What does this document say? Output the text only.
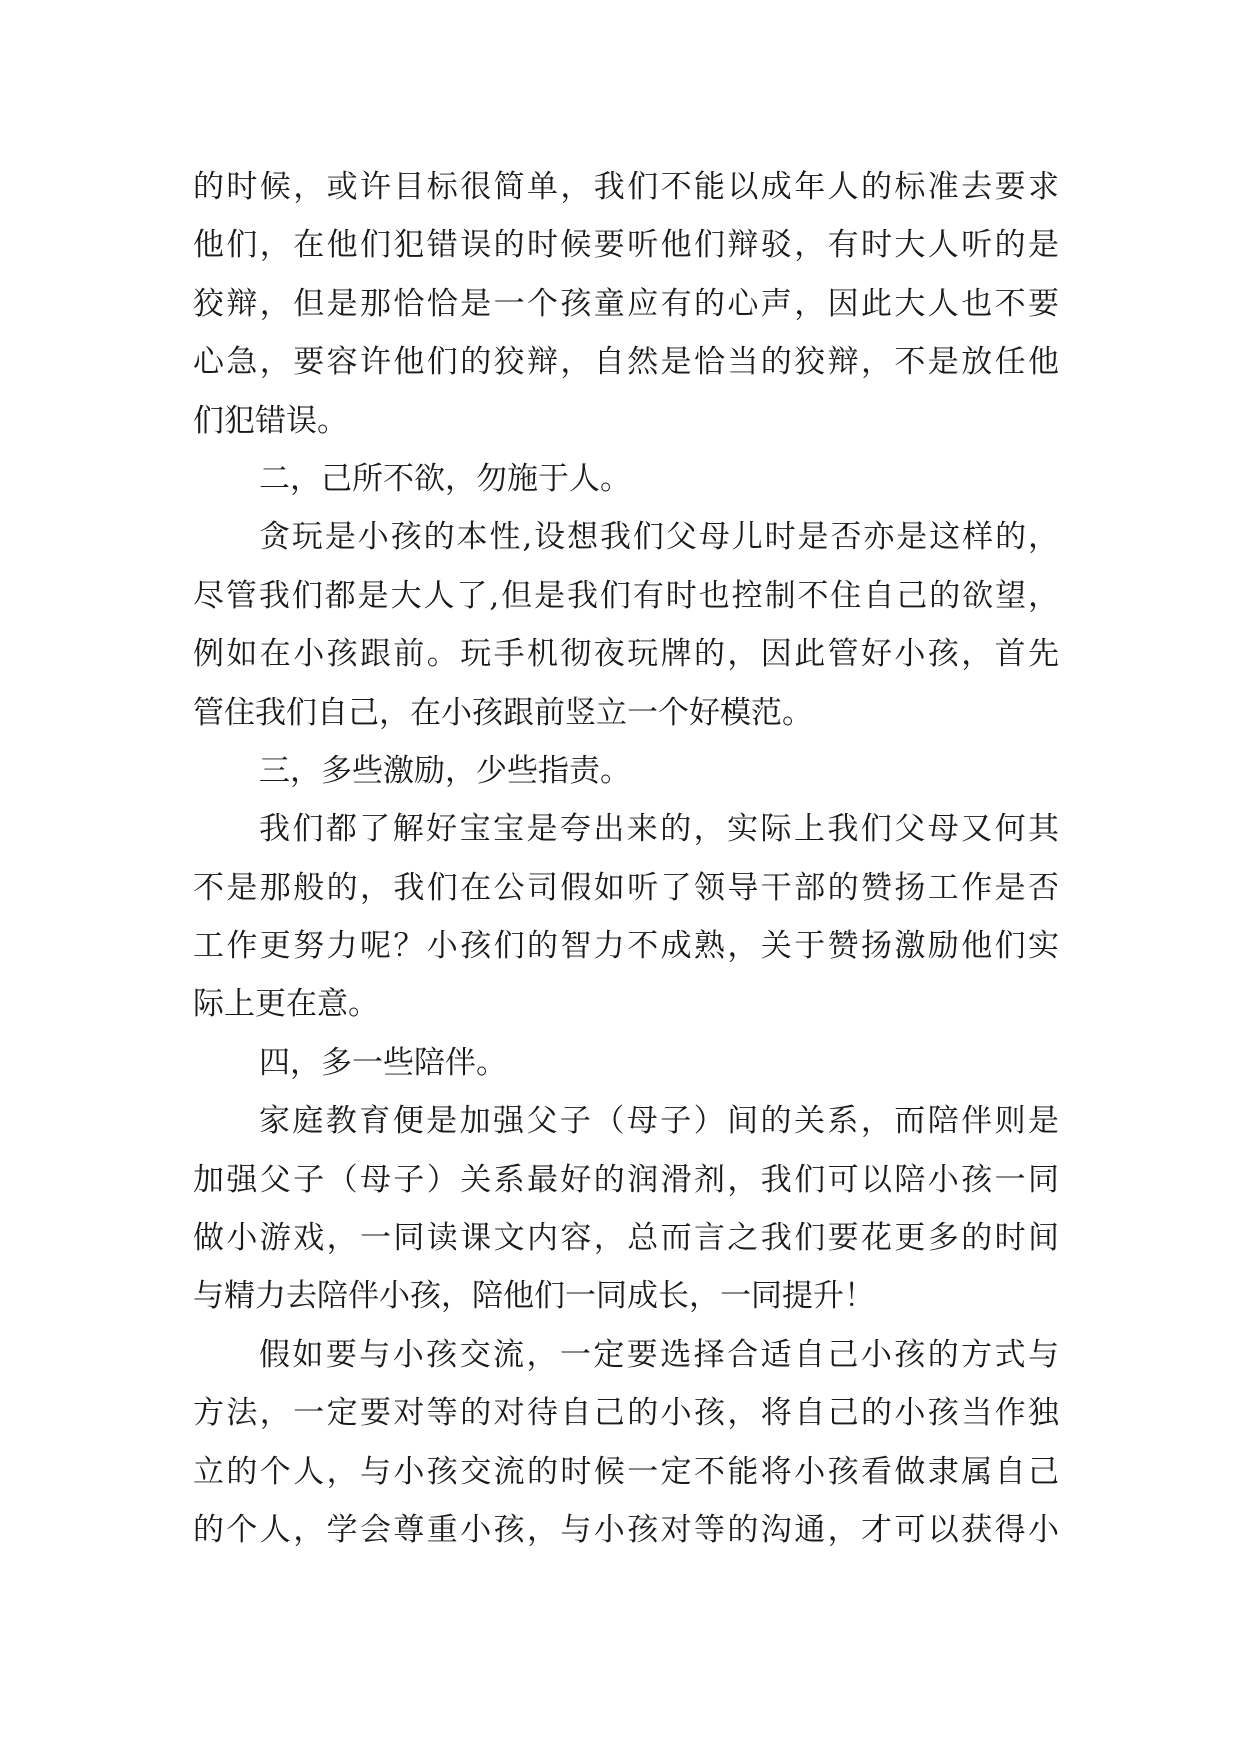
的时候，或许目标很简单，我们不能以成年人的标准去要求
他们，在他们犯错误的时候要听他们辩驳，有时大人听的是
狡辩，但是那恰恰是一个孩童应有的心声，因此大人也不要
心急，要容许他们的狡辩，自然是恰当的狡辩，不是放任他
们犯错误。
二，己所不欲，勿施于人。
贪玩是小孩的本性,设想我们父母儿时是否亦是这样的，
尽管我们都是大人了,但是我们有时也控制不住自己的欲望，
例如在小孩跟前。玩手机彻夜玩牌的，因此管好小孩，首先
管住我们自己，在小孩跟前竖立一个好模范。
三，多些激励，少些指责。
我们都了解好宝宝是夸出来的，实际上我们父母又何其
不是那般的，我们在公司假如听了领导干部的赞扬工作是否
工作更努力呢？小孩们的智力不成熟，关于赞扬激励他们实
际上更在意。
四，多一些陪伴。
家庭教育便是加强父子（母子）间的关系，而陪伴则是
加强父子（母子）关系最好的润滑剂，我们可以陪小孩一同
做小游戏，一同读课文内容，总而言之我们要花更多的时间
与精力去陪伴小孩，陪他们一同成长，一同提升！
假如要与小孩交流，一定要选择合适自己小孩的方式与
方法，一定要对等的对待自己的小孩，将自己的小孩当作独
立的个人，与小孩交流的时候一定不能将小孩看做隶属自己
的个人，学会尊重小孩，与小孩对等的沟通，才可以获得小
